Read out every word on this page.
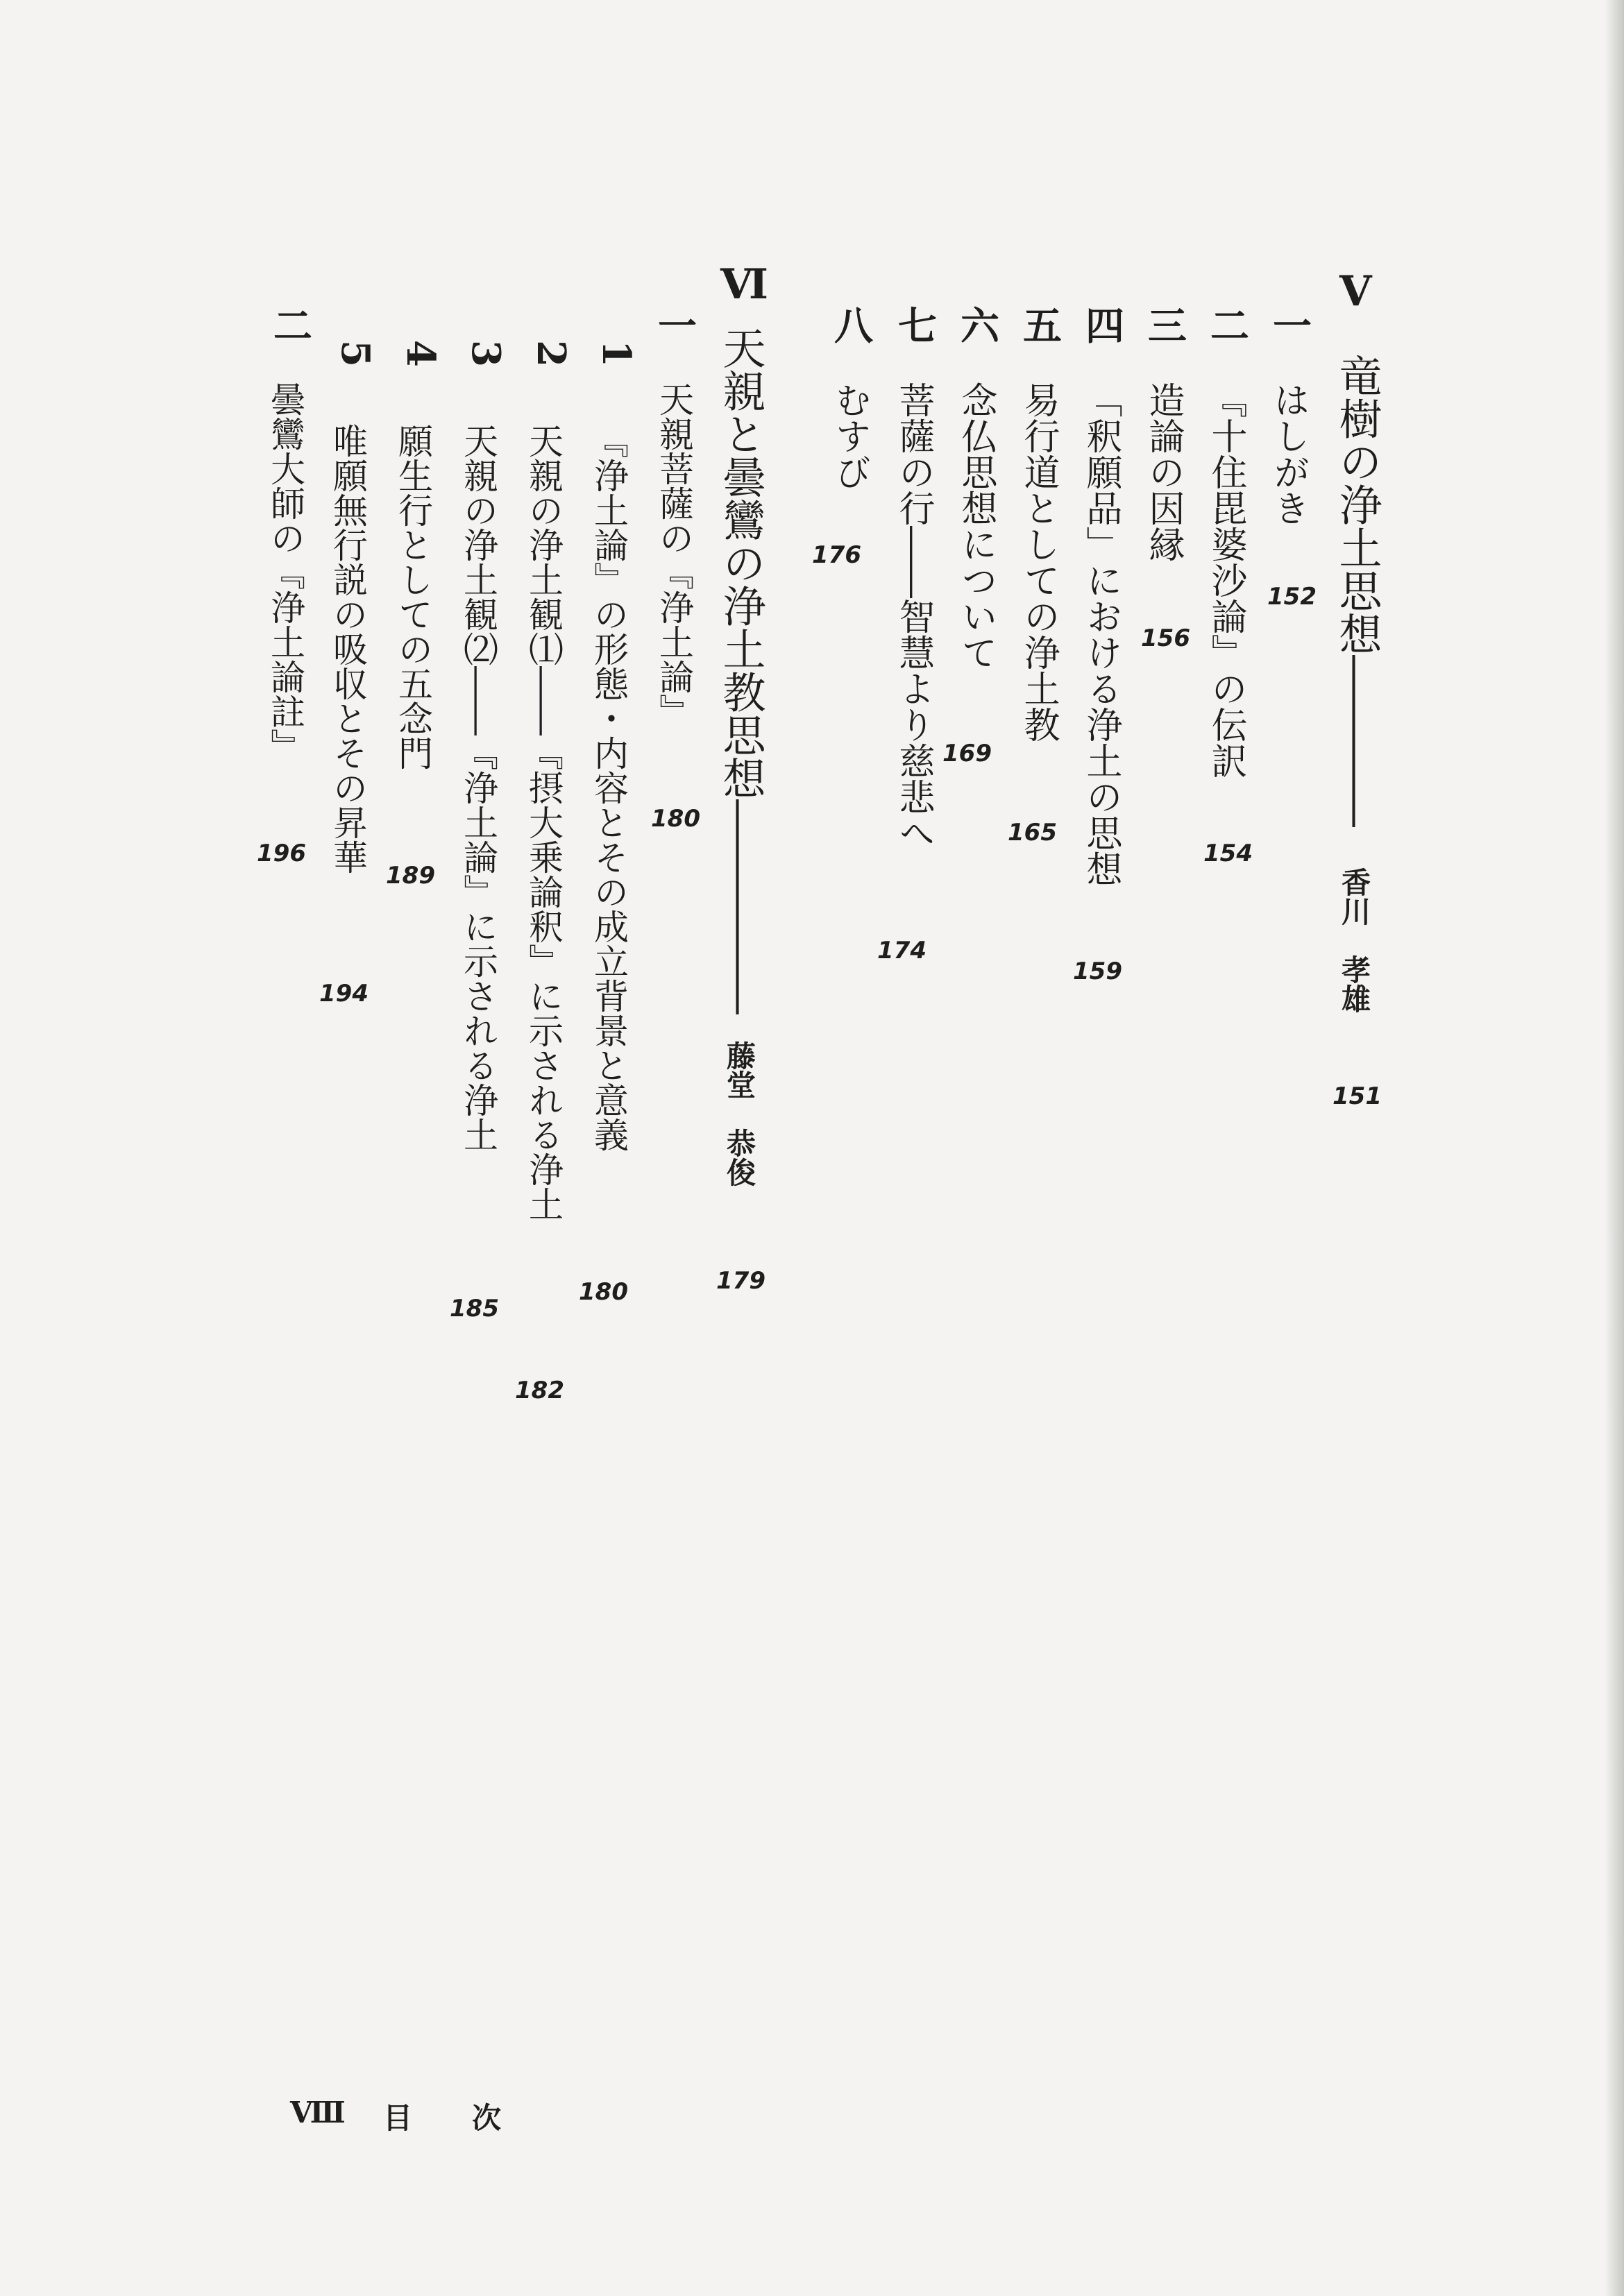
Ⅴ
竜樹の浄土思想――――
香川　孝雄
151
一
はしがき
152
二
『十住毘婆沙論』の伝訳
154
三
造論の因縁
156
四
「釈願品」における浄土の思想
159
五
易行道としての浄土教
165
六
念仏思想について
169
七
菩薩の行――智慧より慈悲へ
174
八
むすび
176
Ⅵ
天親と曇鸞の浄土教思想―――――
藤堂　恭俊
179
一
天親菩薩の『浄土論』
180
1
『浄土論』の形態・内容とその成立背景と意義
180
2
天親の浄土観⑴――『摂大乗論釈』に示される浄土
182
3
天親の浄土観⑵――『浄土論』に示される浄土
185
4
願生行としての五念門
189
5
唯願無行説の吸収とその昇華
194
二
曇鸞大師の『浄土論註』
196
Ⅷ 目 次
